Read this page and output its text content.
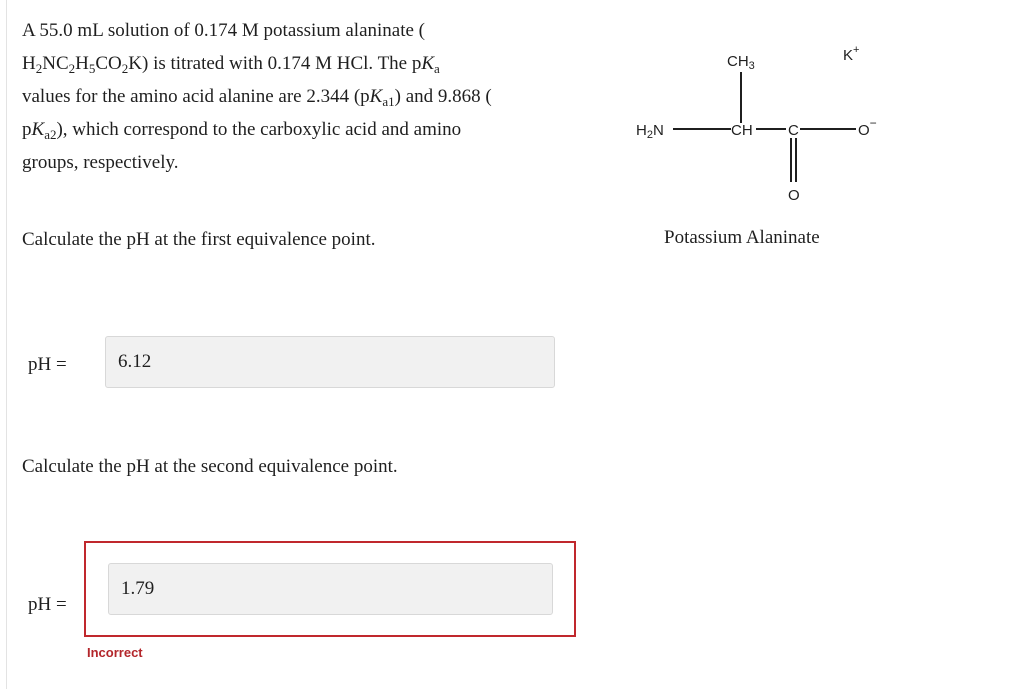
A 55.0 mL solution of 0.174 M potassium alaninate (
$H_2NC_2H_5CO_2K$) is titrated with 0.174 M HCl. The $pK_a$
values for the amino acid alanine are 2.344 $(pK_{a1})$ and 9.868 (
$pK_{a2}$), which correspond to the carboxylic acid and amino
groups, respectively.
$CH_3$
K+
$H_2N$	CH C	O−
O
Potassium Alaninate
Calculate the pH at the first equivalence point.
pH =	6.12
Calculate the pH at the second equivalence point.
pH =
1.79
Incorrect
